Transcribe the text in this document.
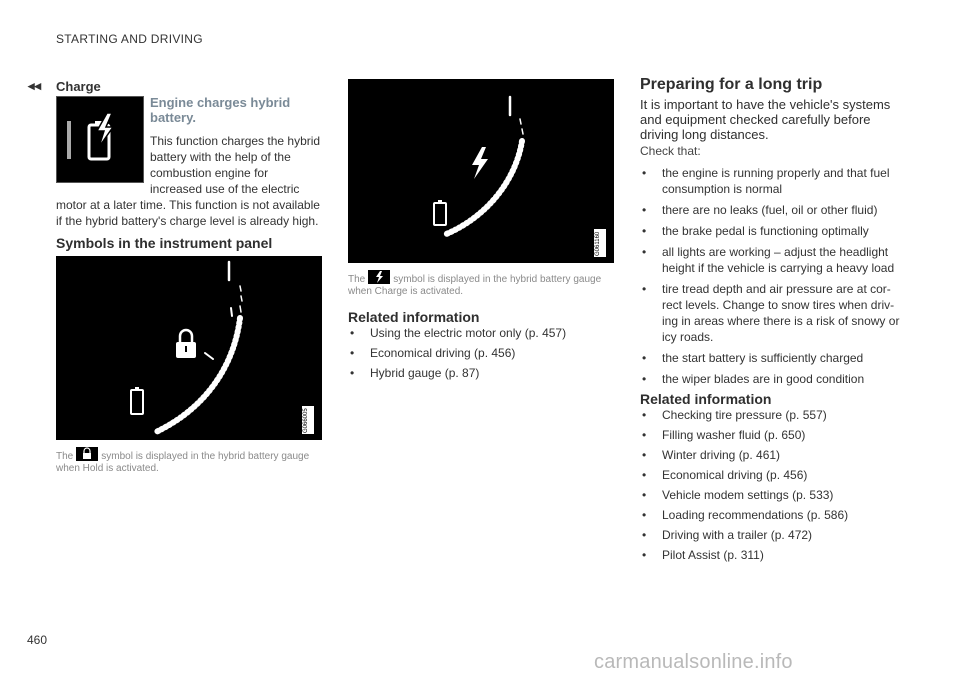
STARTING AND DRIVING
◂◂ Charge
Engine charges hybrid battery.
This function charges the hybrid battery with the help of the combustion engine for increased use of the electric
motor at a later time. This function is not available if the hybrid battery's charge level is already high.
Symbols in the instrument panel
G066005
The	symbol is displayed in the hybrid battery gauge when Hold is activated.
G061160
The	symbol is displayed in the hybrid battery gauge when Charge is activated.
Related information
• Using the electric motor only (p. 457)
• Economical driving (p. 456)
• Hybrid gauge (p. 87)
Preparing for a long trip
It is important to have the vehicle's systems and equipment checked carefully before driving long distances.
Check that:
• the engine is running properly and that fuel consumption is normal
• there are no leaks (fuel, oil or other fluid)
• the brake pedal is functioning optimally
• all lights are working – adjust the headlight height if the vehicle is carrying a heavy load
• tire tread depth and air pressure are at cor- rect levels. Change to snow tires when driv- ing in areas where there is a risk of snowy or icy roads.
• the start battery is sufficiently charged
• the wiper blades are in good condition
Related information
• Checking tire pressure (p. 557)
• Filling washer fluid (p. 650)
• Winter driving (p. 461)
• Economical driving (p. 456)
• Vehicle modem settings (p. 533)
• Loading recommendations (p. 586)
• Driving with a trailer (p. 472)
• Pilot Assist (p. 311)
460
carmanualsonline.info
